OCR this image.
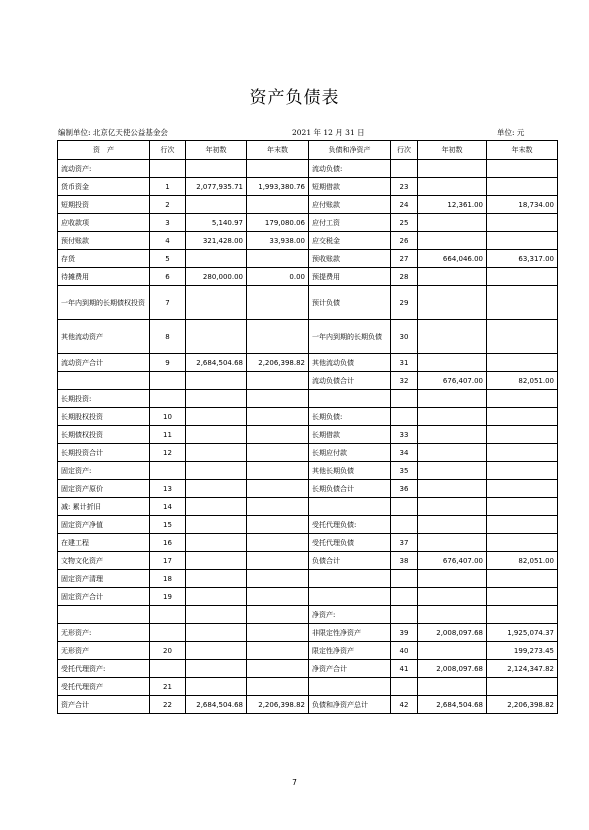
资产负债表
编制单位: 北京亿天使公益基金会	2021 年 12 月 31 日	单位: 元
资　产	行次	年初数	年末数	负债和净资产	行次	年初数	年末数
流动资产:				流动负债:			
货币资金	1	2,077,935.71	1,993,380.76	短期借款	23		
短期投资	2			应付账款	24	12,361.00	18,734.00
应收款项	3	5,140.97	179,080.06	应付工资	25		
预付账款	4	321,428.00	33,938.00	应交税金	26		
存货	5			预收账款	27	664,046.00	63,317.00
待摊费用	6	280,000.00	0.00	预提费用	28		
一年内到期的长期债权投资	7			预计负债	29		
其他流动资产	8			一年内到期的长期负债	30		
流动资产合计	9	2,684,504.68	2,206,398.82	其他流动负债	31		
				流动负债合计	32	676,407.00	82,051.00
长期投资:							
长期股权投资	10			长期负债:			
长期债权投资	11			长期借款	33		
长期投资合计	12			长期应付款	34		
固定资产:				其他长期负债	35		
固定资产原价	13			长期负债合计	36		
减: 累计折旧	14						
固定资产净值	15			受托代理负债:			
在建工程	16			受托代理负债	37		
文物文化资产	17			负债合计	38	676,407.00	82,051.00
固定资产清理	18						
固定资产合计	19						
				净资产:			
无形资产:				非限定性净资产	39	2,008,097.68	1,925,074.37
无形资产	20			限定性净资产	40		199,273.45
受托代理资产:				净资产合计	41	2,008,097.68	2,124,347.82
受托代理资产	21						
资产合计	22	2,684,504.68	2,206,398.82	负债和净资产总计	42	2,684,504.68	2,206,398.82
7
